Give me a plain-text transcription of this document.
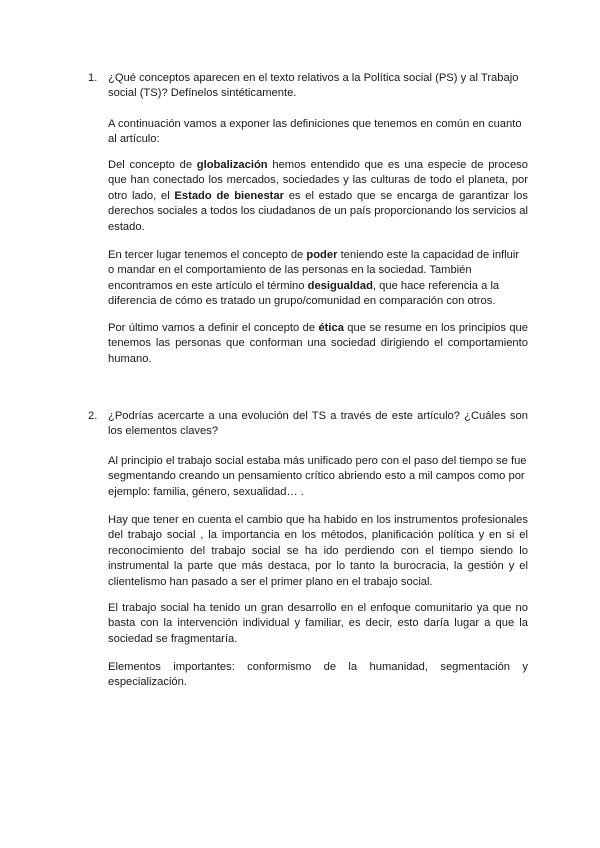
1. ¿Qué conceptos aparecen en el texto relativos a la Política social (PS) y al Trabajo social (TS)? Defínelos sintéticamente.

A continuación vamos a exponer las definiciones que tenemos en común en cuanto al artículo:

Del concepto de globalización hemos entendido que es una especie de proceso que han conectado los mercados, sociedades y las culturas de todo el planeta, por otro lado, el Estado de bienestar es el estado que se encarga de garantizar los derechos sociales a todos los ciudadanos de un país proporcionando los servicios al estado.

En tercer lugar tenemos el concepto de poder teniendo este la capacidad de influir o mandar en el comportamiento de las personas en la sociedad. También encontramos en este artículo el término desigualdad, que hace referencia a la diferencia de cómo es tratado un grupo/comunidad en comparación con otros.

Por último vamos a definir el concepto de ética que se resume en los principios que tenemos las personas que conforman una sociedad dirigiendo el comportamiento humano.

2. ¿Podrías acercarte a una evolución del TS a través de este artículo? ¿Cuáles son los elementos claves?

Al principio el trabajo social estaba más unificado pero con el paso del tiempo se fue segmentando creando un pensamiento crítico abriendo esto a mil campos como por ejemplo: familia, género, sexualidad… .

Hay que tener en cuenta el cambio que ha habido en los instrumentos profesionales del trabajo social , la importancia en los métodos, planificación política y en si el reconocimiento del trabajo social se ha ido perdiendo con el tiempo siendo lo instrumental la parte que más destaca, por lo tanto la burocracia, la gestión y el clientelismo han pasado a ser el primer plano en el trabajo social.

El trabajo social ha tenido un gran desarrollo en el enfoque comunitario ya que no basta con la intervención individual y familiar, es decir, esto daría lugar a que la sociedad se fragmentaría.

Elementos importantes: conformismo de la humanidad, segmentación y especialización.
